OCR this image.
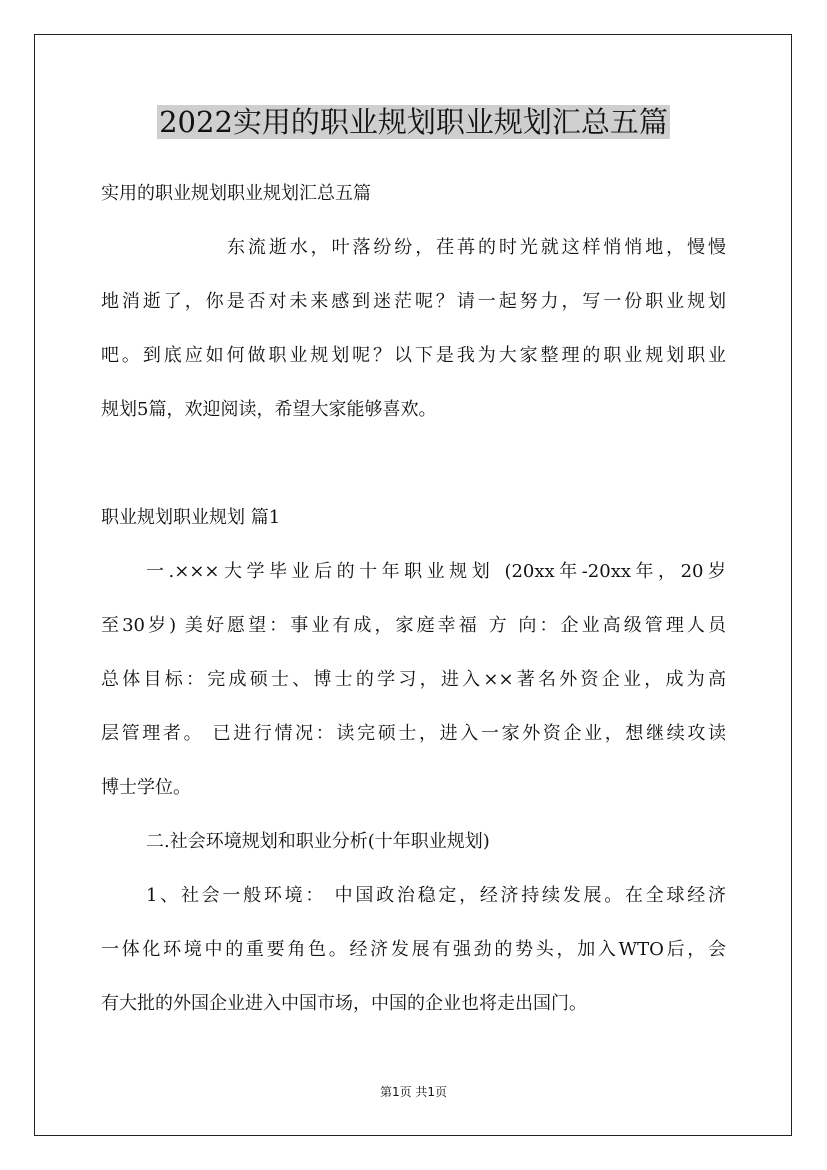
2022实用的职业规划职业规划汇总五篇

实用的职业规划职业规划汇总五篇

东流逝水，叶落纷纷，荏苒的时光就这样悄悄地，慢慢

地消逝了，你是否对未来感到迷茫呢？请一起努力，写一份职业规划

吧。到底应如何做职业规划呢？以下是我为大家整理的职业规划职业

规划5篇，欢迎阅读，希望大家能够喜欢。

职业规划职业规划 篇1

一.×××大学毕业后的十年职业规划 (20xx年-20xx年，20岁

至30岁) 美好愿望：事业有成，家庭幸福 方 向：企业高级管理人员

总体目标：完成硕士、博士的学习，进入××著名外资企业，成为高

层管理者。 已进行情况：读完硕士，进入一家外资企业，想继续攻读

博士学位。

二.社会环境规划和职业分析(十年职业规划)

1、社会一般环境： 中国政治稳定，经济持续发展。在全球经济

一体化环境中的重要角色。经济发展有强劲的势头，加入WTO后，会

有大批的外国企业进入中国市场，中国的企业也将走出国门。

第1页 共1页
